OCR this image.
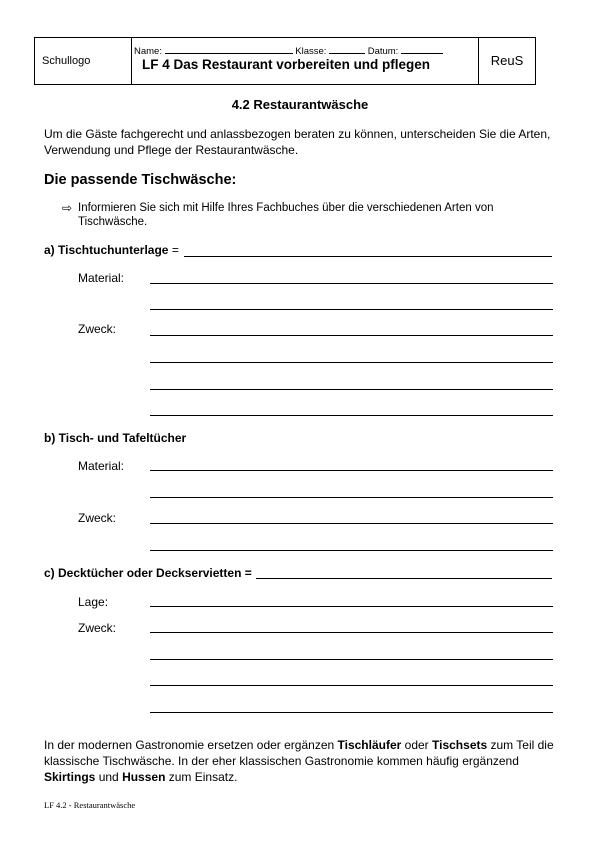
Schullogo
Name:	Klasse:	Datum:
LF 4 Das Restaurant vorbereiten und pflegen	ReuS
4.2 Restaurantwäsche
Um die Gäste fachgerecht und anlassbezogen beraten zu können, unterscheiden Sie die Arten, Verwendung und Pflege der Restaurantwäsche.
Die passende Tischwäsche:
⇨ Informieren Sie sich mit Hilfe Ihres Fachbuches über die verschiedenen Arten von Tischwäsche.
a) Tischtuchunterlage =
Material:
Zweck:
b) Tisch- und Tafeltücher
Material:
Zweck:
c) Decktücher oder Deckservietten =
Lage:
Zweck:
In der modernen Gastronomie ersetzen oder ergänzen Tischläufer oder Tischsets zum Teil die klassische Tischwäsche. In der eher klassischen Gastronomie kommen häufig ergänzend Skirtings und Hussen zum Einsatz.
LF 4.2 - Restaurantwäsche
